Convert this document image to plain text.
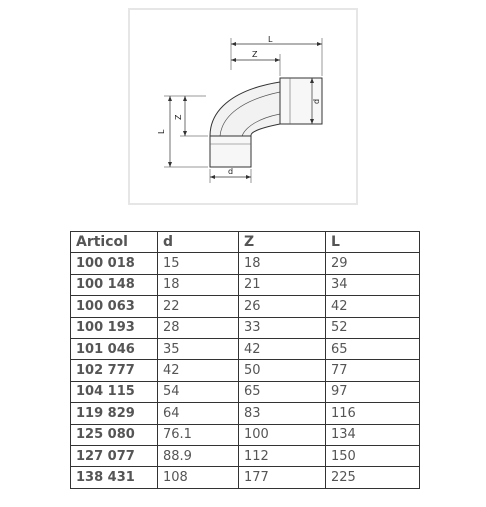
L
Z
d
L
Z
d
Articol	d	Z	L
100 018	15	18	29
100 148	18	21	34
100 063	22	26	42
100 193	28	33	52
101 046	35	42	65
102 777	42	50	77
104 115	54	65	97
119 829	64	83	116
125 080	76.1	100	134
127 077	88.9	112	150
138 431	108	177	225
